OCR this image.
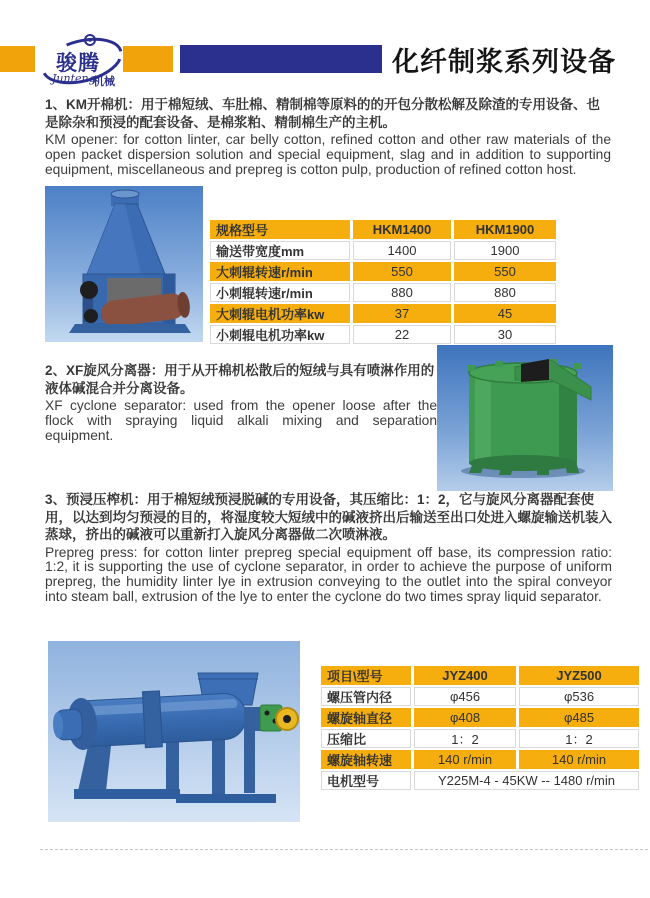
骏腾
Junteng
机械
化纤制浆系列设备

1、KM开棉机：用于棉短绒、车肚棉、精制棉等原料的的开包分散松解及除渣的专用设备、也是除杂和预浸的配套设备、是棉浆粕、精制棉生产的主机。

KM opener: for cotton linter, car belly cotton, refined cotton and other raw materials of the open packet dispersion solution and special equipment, slag and in addition to supporting equipment, miscellaneous and prepreg is cotton pulp, production of refined cotton host.

规格型号	HKM1400	HKM1900
输送带宽度mm	1400	1900
大刺辊转速r/min	550	550
小刺辊转速r/min	880	880
大刺辊电机功率kw	37	45
小刺辊电机功率kw	22	30

2、XF旋风分离器：用于从开棉机松散后的短绒与具有喷淋作用的液体碱混合并分离设备。

XF cyclone separator: used from the opener loose after the flock with spraying liquid alkali mixing and separation equipment.

3、预浸压榨机：用于棉短绒预浸脱碱的专用设备，其压缩比：1：2，它与旋风分离器配套使用，以达到均匀预浸的目的，将湿度较大短绒中的碱液挤出后输送至出口处进入螺旋输送机装入蒸球，挤出的碱液可以重新打入旋风分离器做二次喷淋液。

Prepreg press: for cotton linter prepreg special equipment off base, its compression ratio: 1:2, it is supporting the use of cyclone separator, in order to achieve the purpose of uniform prepreg, the humidity linter lye in extrusion conveying to the outlet into the spiral conveyor into steam ball, extrusion of the lye to enter the cyclone do two times spray liquid separator.

项目\型号	JYZ400	JYZ500
螺压管内径	φ456	φ536
螺旋轴直径	φ408	φ485
压缩比	1：2	1：2
螺旋轴转速	140 r/min	140 r/min
电机型号	Y225M-4 - 45KW -- 1480 r/min	
